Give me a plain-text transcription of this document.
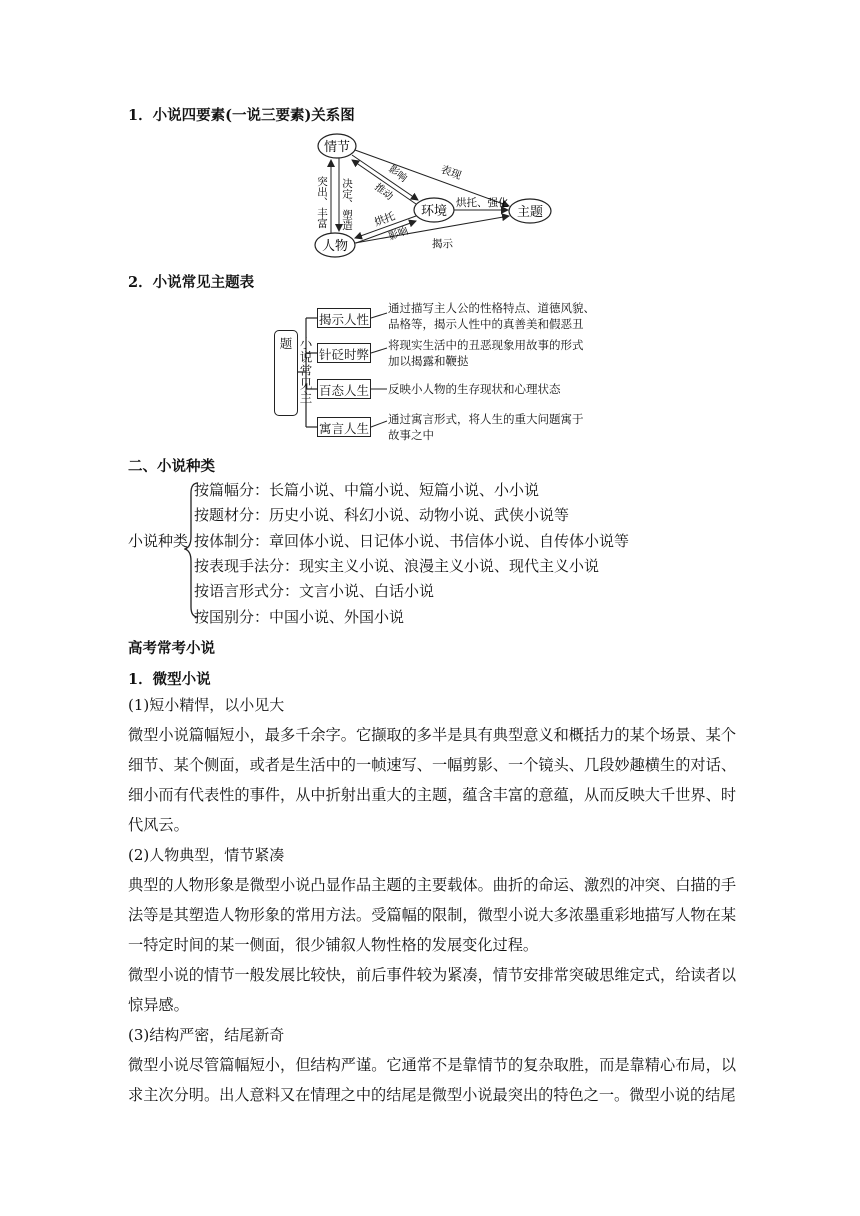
1．小说四要素(一说三要素)关系图
情节
人物
环境	主题
表现
揭示
烘托、强化
推动
影响
烘托
影响
突出、丰富 决定、塑造
2．小说常见主题表
小说常见主题
揭示人性
通过描写主人公的性格特点、道德风貌、
品格等，揭示人性中的真善美和假恶丑
针砭时弊
将现实生活中的丑恶现象用故事的形式
加以揭露和鞭挞
百态人生 反映小人物的生存现状和心理状态
寓言人生
通过寓言形式，将人生的重大问题寓于
故事之中
二、小说种类
小说种类
按篇幅分：长篇小说、中篇小说、短篇小说、小小说
按题材分：历史小说、科幻小说、动物小说、武侠小说等
按体制分：章回体小说、日记体小说、书信体小说、自传体小说等
按表现手法分：现实主义小说、浪漫主义小说、现代主义小说
按语言形式分：文言小说、白话小说
按国别分：中国小说、外国小说
高考常考小说
1．微型小说
(1)短小精悍，以小见大
微型小说篇幅短小，最多千余字。它撷取的多半是具有典型意义和概括力的某个场景、某个细节、某个侧面，或者是生活中的一帧速写、一幅剪影、一个镜头、几段妙趣横生的对话、细小而有代表性的事件，从中折射出重大的主题，蕴含丰富的意蕴，从而反映大千世界、时代风云。
(2)人物典型，情节紧凑
典型的人物形象是微型小说凸显作品主题的主要载体。曲折的命运、激烈的冲突、白描的手法等是其塑造人物形象的常用方法。受篇幅的限制，微型小说大多浓墨重彩地描写人物在某一特定时间的某一侧面，很少铺叙人物性格的发展变化过程。
微型小说的情节一般发展比较快，前后事件较为紧凑，情节安排常突破思维定式，给读者以惊异感。
(3)结构严密，结尾新奇
微型小说尽管篇幅短小，但结构严谨。它通常不是靠情节的复杂取胜，而是靠精心布局，以求主次分明。出人意料又在情理之中的结尾是微型小说最突出的特色之一。微型小说的结尾
